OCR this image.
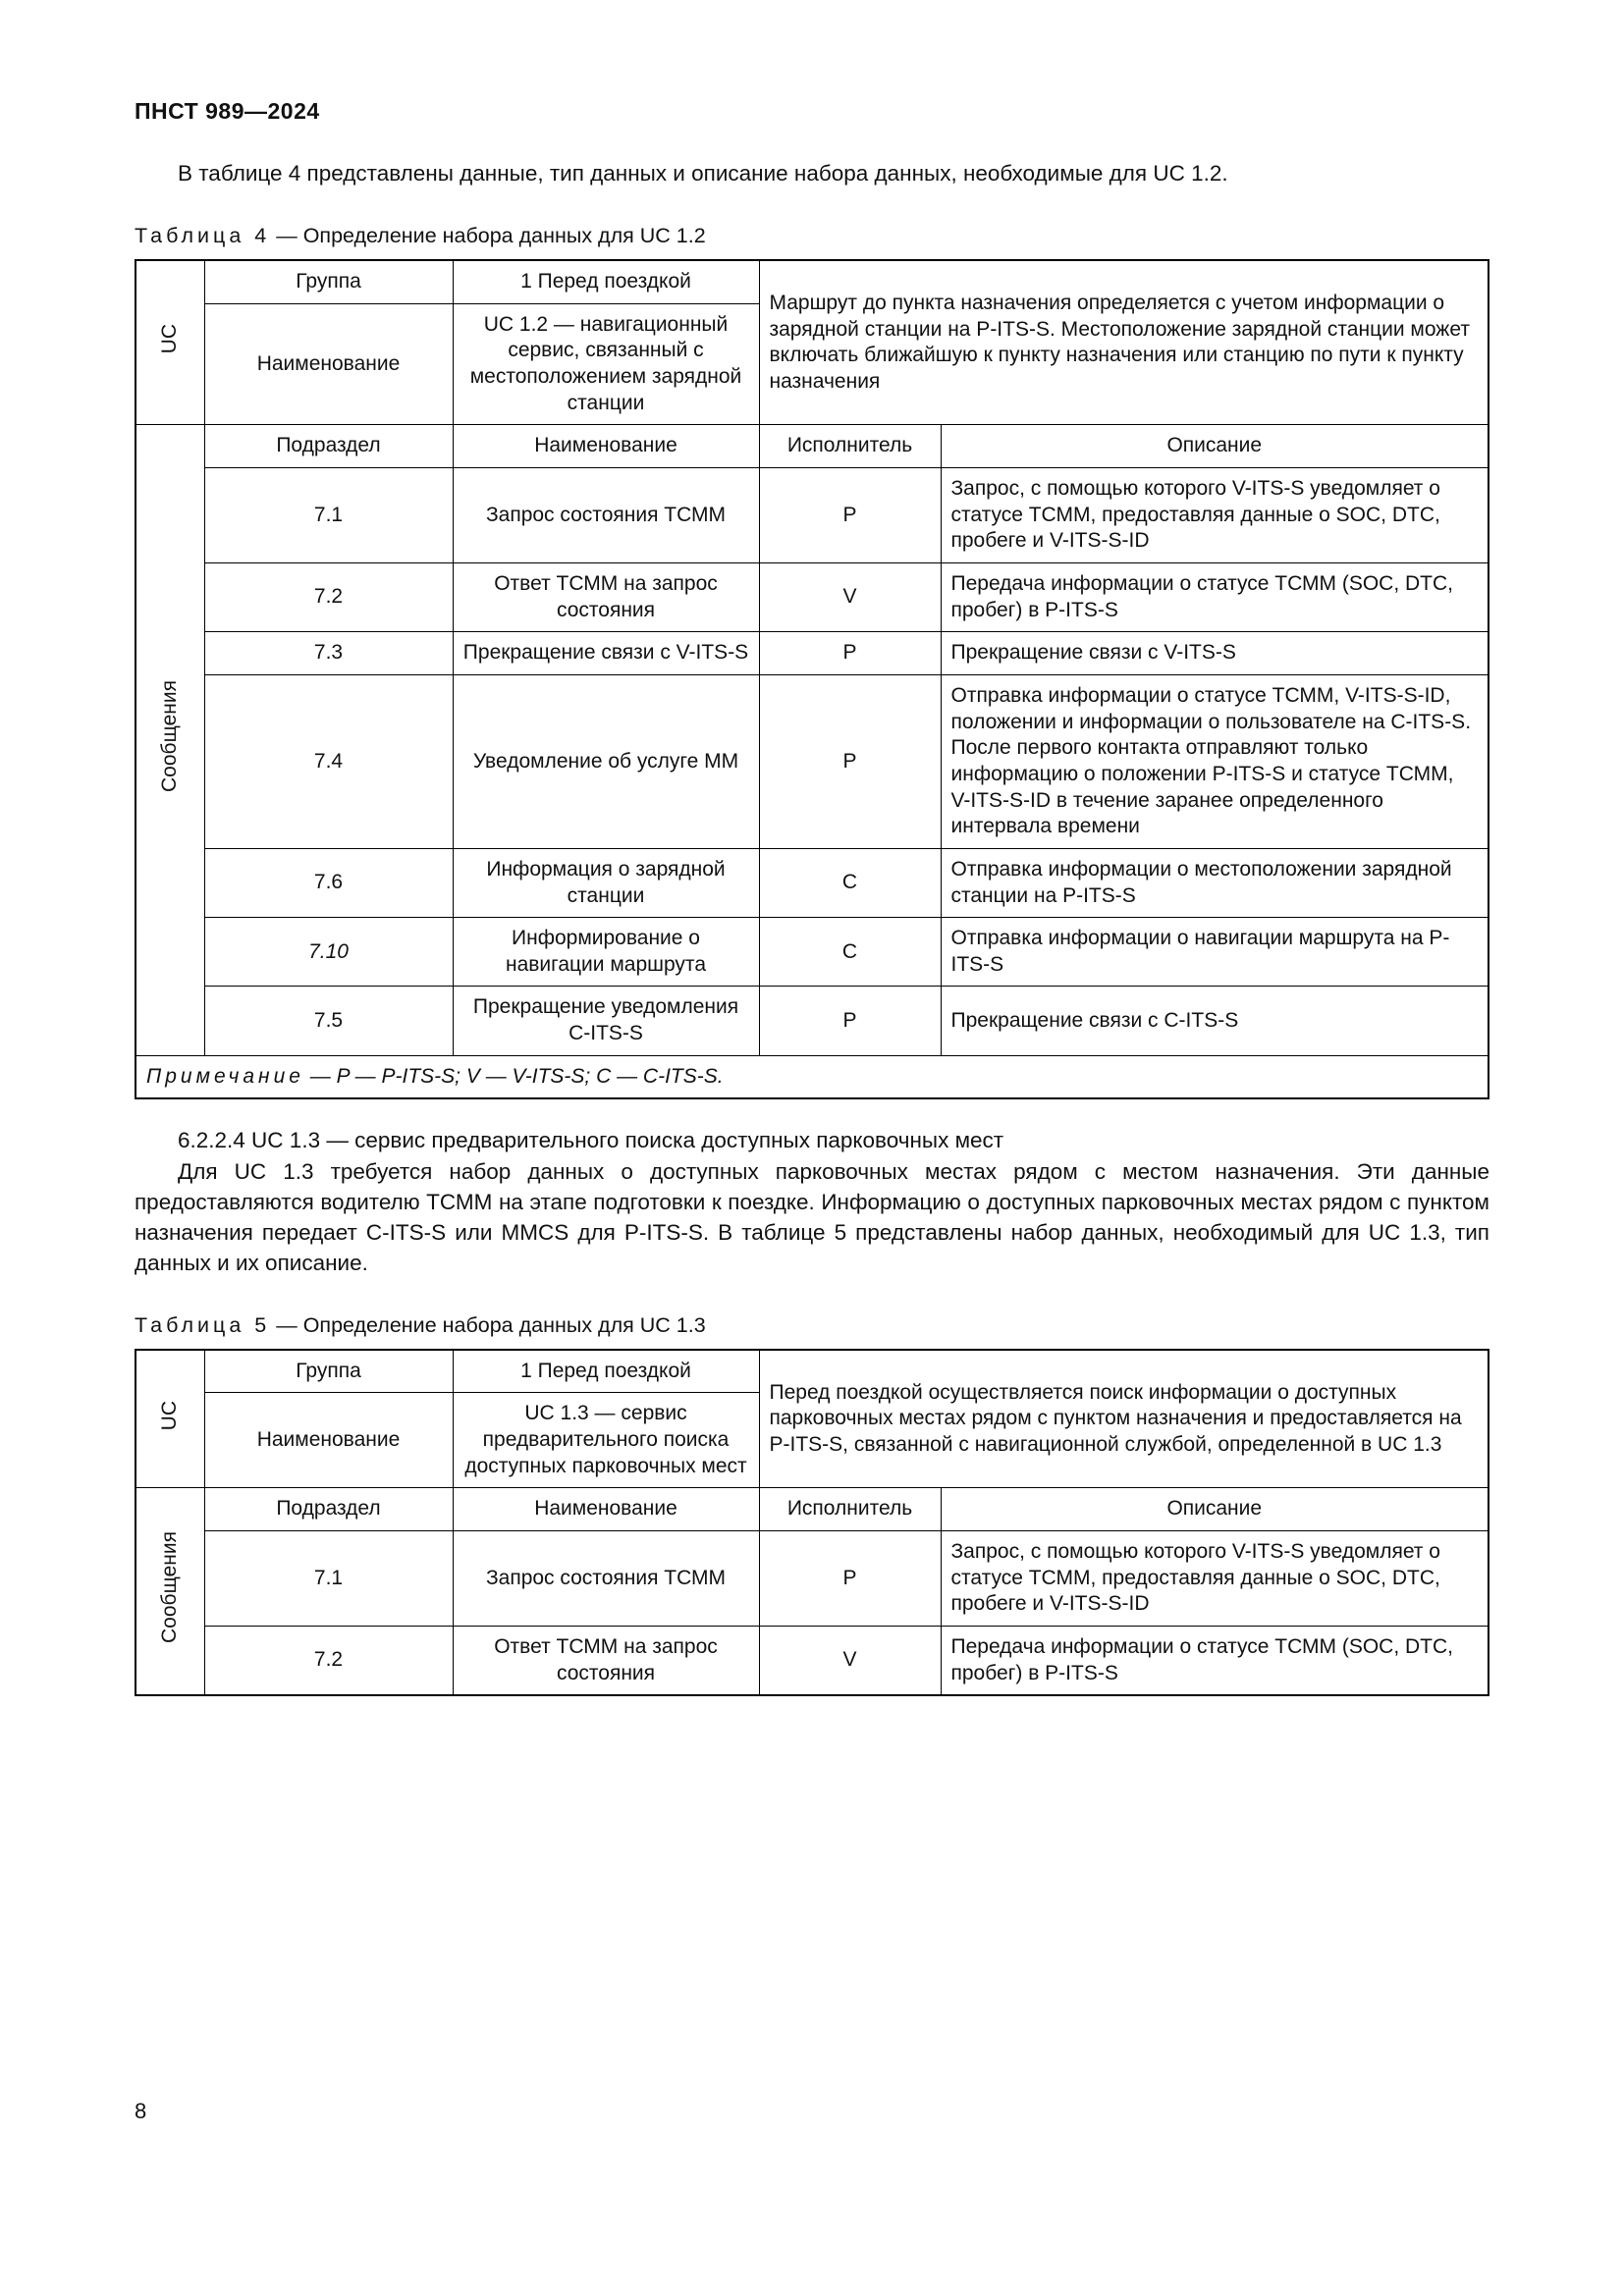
ПНСТ 989—2024

В таблице 4 представлены данные, тип данных и описание набора данных, необходимые для UC 1.2.

Таблица 4 — Определение набора данных для UC 1.2
UC	Группа	1 Перед поездкой	Маршрут до пункта назначения определяется с учетом информации о зарядной станции на P-ITS-S. Местоположение зарядной станции может включать ближайшую к пункту назначения или станцию по пути к пункту назначения	
	Наименование	UC 1.2 — навигационный сервис, связанный с местоположением зарядной станции		
Сообщения	Подраздел	Наименование	Исполнитель	Описание
	7.1	Запрос состояния ТСММ	P	Запрос, с помощью которого V-ITS-S уведомляет о статусе ТСММ, предоставляя данные о SOC, DTC, пробеге и V-ITS-S-ID
	7.2	Ответ ТСММ на запрос состояния	V	Передача информации о статусе ТСММ (SOC, DTC, пробег) в P-ITS-S
	7.3	Прекращение связи с V-ITS-S	P	Прекращение связи с V-ITS-S
	7.4	Уведомление об услуге ММ	P	Отправка информации о статусе ТСММ, V-ITS-S-ID, положении и информации о пользователе на C-ITS-S. После первого контакта отправляют только информацию о положении P-ITS-S и статусе ТСММ, V-ITS-S-ID в течение заранее определенного интервала времени
	7.6	Информация о зарядной станции	C	Отправка информации о местоположении зарядной станции на P-ITS-S
	7.10	Информирование о навигации маршрута	C	Отправка информации о навигации маршрута на P-ITS-S
	7.5	Прекращение уведомления C-ITS-S	P	Прекращение связи с C-ITS-S
Примечание — P — P-ITS-S; V — V-ITS-S; C — C-ITS-S.				

6.2.2.4 UC 1.3 — сервис предварительного поиска доступных парковочных мест

Для UC 1.3 требуется набор данных о доступных парковочных местах рядом с местом назначения. Эти данные предоставляются водителю ТСММ на этапе подготовки к поездке. Информацию о доступных парковочных местах рядом с пунктом назначения передает C-ITS-S или MMCS для P-ITS-S. В таблице 5 представлены набор данных, необходимый для UC 1.3, тип данных и их описание.

Таблица 5 — Определение набора данных для UC 1.3
UC	Группа	1 Перед поездкой	Перед поездкой осуществляется поиск информации о доступных парковочных местах рядом с пунктом назначения и предоставляется на P-ITS-S, связанной с навигационной службой, определенной в UC 1.3	
	Наименование	UC 1.3 — сервис предварительного поиска доступных парковочных мест		
Сообщения	Подраздел	Наименование	Исполнитель	Описание
	7.1	Запрос состояния ТСММ	P	Запрос, с помощью которого V-ITS-S уведомляет о статусе ТСММ, предоставляя данные о SOC, DTC, пробеге и V-ITS-S-ID
	7.2	Ответ ТСММ на запрос состояния	V	Передача информации о статусе ТСММ (SOC, DTC, пробег) в P-ITS-S
8
